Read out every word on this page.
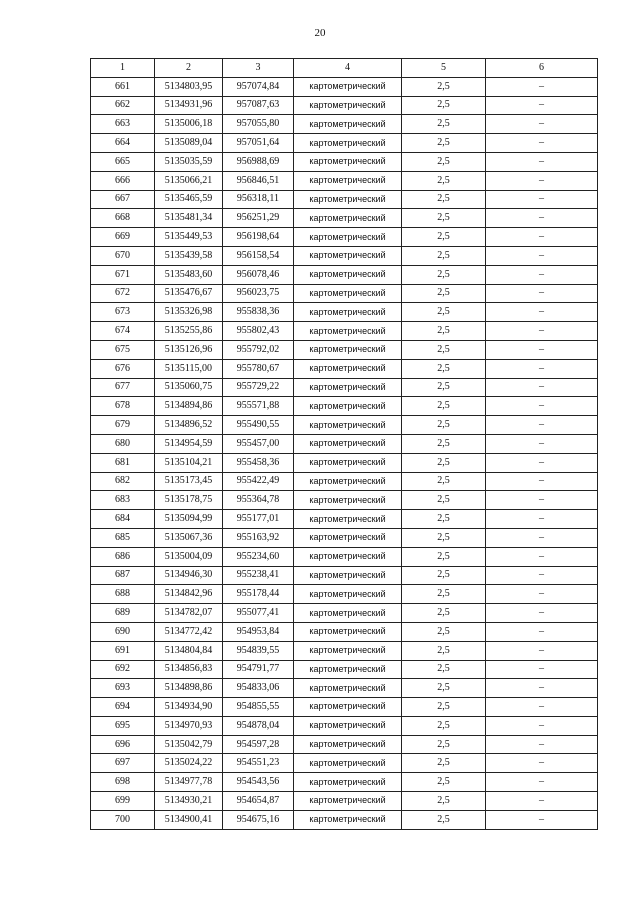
20
1	2	3	4	5	6
661	5134803,95	957074,84	картометрический	2,5	–
662	5134931,96	957087,63	картометрический	2,5	–
663	5135006,18	957055,80	картометрический	2,5	–
664	5135089,04	957051,64	картометрический	2,5	–
665	5135035,59	956988,69	картометрический	2,5	–
666	5135066,21	956846,51	картометрический	2,5	–
667	5135465,59	956318,11	картометрический	2,5	–
668	5135481,34	956251,29	картометрический	2,5	–
669	5135449,53	956198,64	картометрический	2,5	–
670	5135439,58	956158,54	картометрический	2,5	–
671	5135483,60	956078,46	картометрический	2,5	–
672	5135476,67	956023,75	картометрический	2,5	–
673	5135326,98	955838,36	картометрический	2,5	–
674	5135255,86	955802,43	картометрический	2,5	–
675	5135126,96	955792,02	картометрический	2,5	–
676	5135115,00	955780,67	картометрический	2,5	–
677	5135060,75	955729,22	картометрический	2,5	–
678	5134894,86	955571,88	картометрический	2,5	–
679	5134896,52	955490,55	картометрический	2,5	–
680	5134954,59	955457,00	картометрический	2,5	–
681	5135104,21	955458,36	картометрический	2,5	–
682	5135173,45	955422,49	картометрический	2,5	–
683	5135178,75	955364,78	картометрический	2,5	–
684	5135094,99	955177,01	картометрический	2,5	–
685	5135067,36	955163,92	картометрический	2,5	–
686	5135004,09	955234,60	картометрический	2,5	–
687	5134946,30	955238,41	картометрический	2,5	–
688	5134842,96	955178,44	картометрический	2,5	–
689	5134782,07	955077,41	картометрический	2,5	–
690	5134772,42	954953,84	картометрический	2,5	–
691	5134804,84	954839,55	картометрический	2,5	–
692	5134856,83	954791,77	картометрический	2,5	–
693	5134898,86	954833,06	картометрический	2,5	–
694	5134934,90	954855,55	картометрический	2,5	–
695	5134970,93	954878,04	картометрический	2,5	–
696	5135042,79	954597,28	картометрический	2,5	–
697	5135024,22	954551,23	картометрический	2,5	–
698	5134977,78	954543,56	картометрический	2,5	–
699	5134930,21	954654,87	картометрический	2,5	–
700	5134900,41	954675,16	картометрический	2,5	–
